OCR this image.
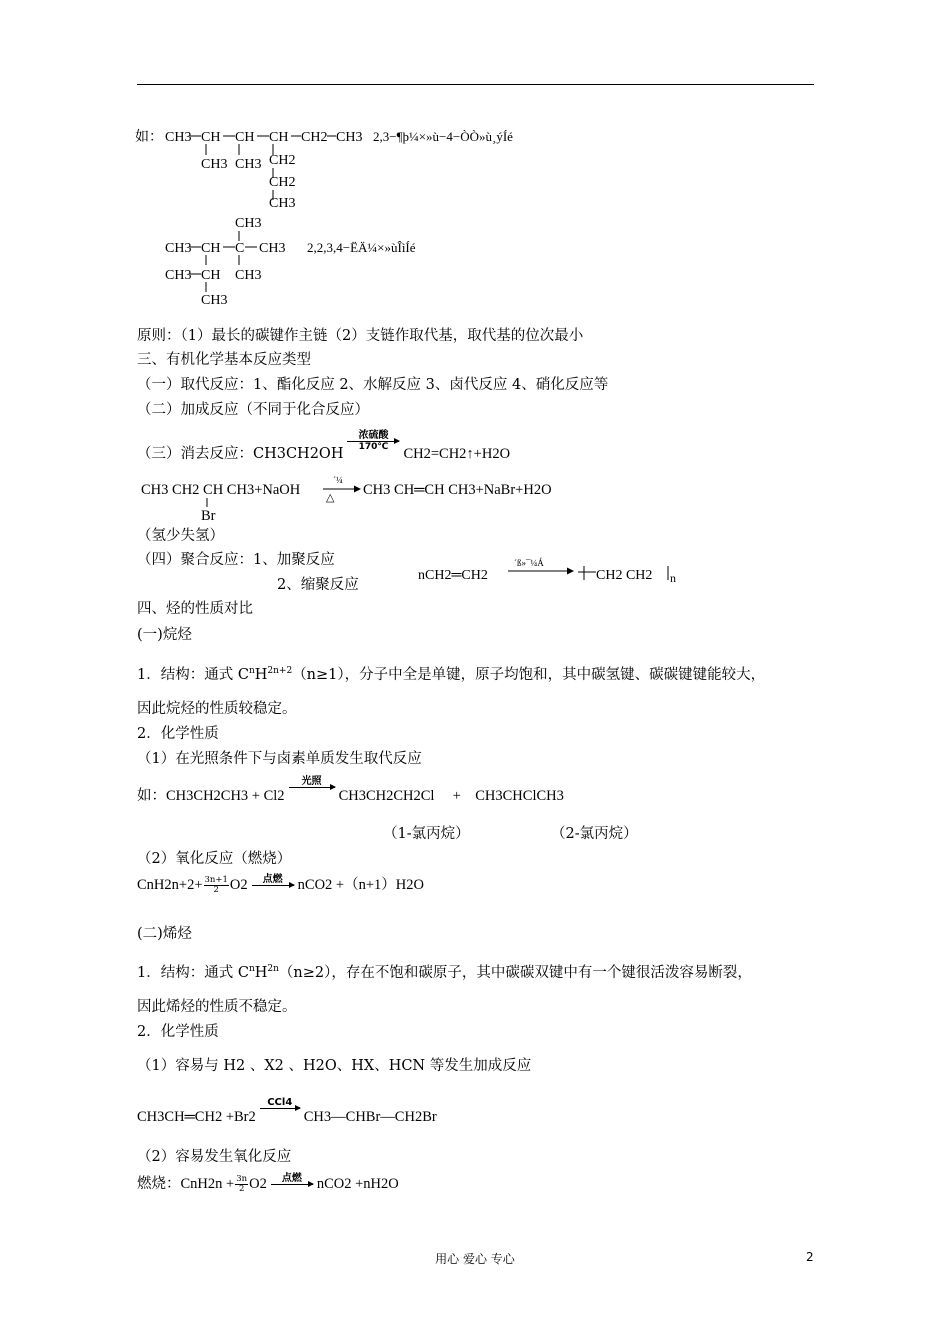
如： CH3 CH CH CH CH2 CH3
CH3 CH3 CH2
CH2
CH3
2,3−¶þ¼×»ù−4−ÒÒ»ù¸ýÍé
CH3
CH3 CH C CH3
CH3 CH CH3
CH3
2,2,3,4−ËÄ¼×»ùÎìÍé
原则：（1）最长的碳键作主链（2）支链作取代基，取代基的位次最小
三、有机化学基本反应类型
（一）取代反应：1、酯化反应 2、水解反应 3、卤代反应 4、硝化反应等
（二）加成反应（不同于化合反应）
（三）消去反应：CH3CH2OH
浓硫酸
170℃	CH2=CH2↑+H2O
CH3 CH2 CH CH3+NaOH
Br
´¼
△ CH3 CH═CH CH3+NaBr+H2O
（氢少失氢）
（四）聚合反应：1、加聚反应
2、缩聚反应
nCH2═CH2
´ß»¯¼Á
CH2 CH2 n
四、烃的性质对比
(一)烷烃
1．结构：通式 $C^nH^{2n+2}(n\ge 1)$，分子中全是单键，原子均饱和，其中碳氢键、碳碳键键能较大，
因此烷烃的性质较稳定。
2．化学性质
（1）在光照条件下与卤素单质发生取代反应
如：CH3CH2CH3 + Cl2
光照

CH3CH2CH2Cl　 +　CH3CHClCH3
（1-氯丙烷）	（2-氯丙烷）
（2）氧化反应（燃烧）
$CnH2n+2+ \frac{3n+1}{2} O2$	点燃
	nCO2 +（n+1）H2O
(二)烯烃
1．结构：通式 $C^nH^{2n}(n\ge 2)$，存在不饱和碳原子，其中碳碳双键中有一个键很活泼容易断裂，
因此烯烃的性质不稳定。
2．化学性质
（1）容易与 H2 、X2 、H2O、HX、HCN 等发生加成反应
CH3CH═CH2 +Br2
CCl4

CH3—CHBr—CH2Br
（2）容易发生氧化反应
燃烧：$CnH2n + \frac{3n}{2} O2$	点燃
	nCO2 +nH2O
用心 爱心 专心	2
